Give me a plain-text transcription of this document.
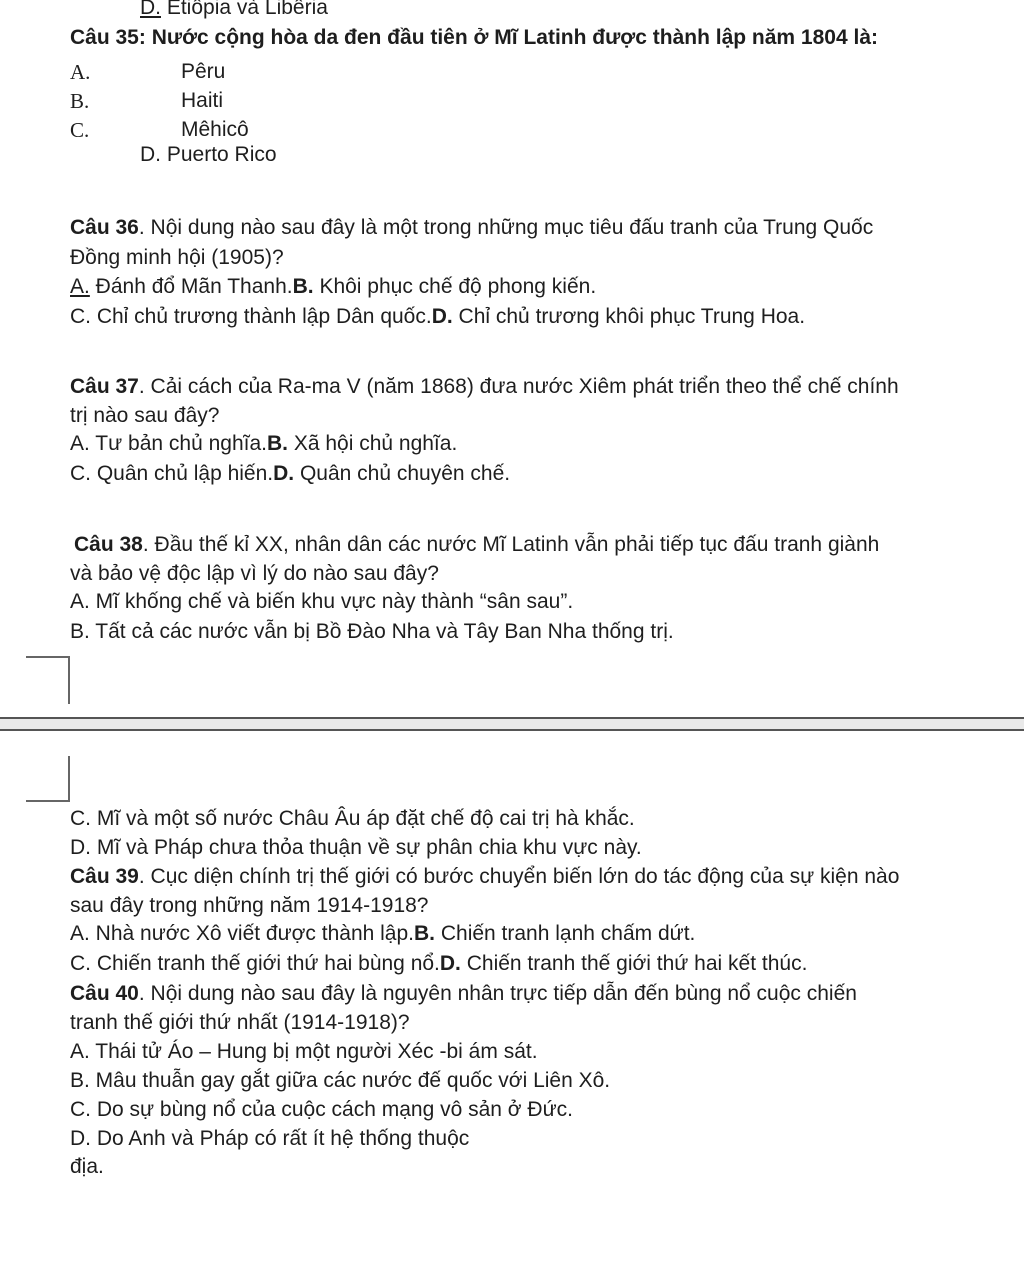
D. Etiôpia và Libêria
Câu 35: Nước cộng hòa da đen đầu tiên ở Mĩ Latinh được thành lập năm 1804 là:
A.	Pêru
B.	Haiti
C.	Mêhicô
D. Puerto Rico
Câu 36. Nội dung nào sau đây là một trong những mục tiêu đấu tranh của Trung Quốc
Đồng minh hội (1905)?
A. Đánh đổ Mãn Thanh.B. Khôi phục chế độ phong kiến.
C. Chỉ chủ trương thành lập Dân quốc.D. Chỉ chủ trương khôi phục Trung Hoa.
Câu 37. Cải cách của Ra-ma V (năm 1868) đưa nước Xiêm phát triển theo thể chế chính
trị nào sau đây?
A. Tư bản chủ nghĩa.B. Xã hội chủ nghĩa.
C. Quân chủ lập hiến.D. Quân chủ chuyên chế.
Câu 38. Đầu thế kỉ XX, nhân dân các nước Mĩ Latinh vẫn phải tiếp tục đấu tranh giành
và bảo vệ độc lập vì lý do nào sau đây?
A. Mĩ khống chế và biến khu vực này thành “sân sau”.
B. Tất cả các nước vẫn bị Bồ Đào Nha và Tây Ban Nha thống trị.
C. Mĩ và một số nước Châu Âu áp đặt chế độ cai trị hà khắc.
D. Mĩ và Pháp chưa thỏa thuận về sự phân chia khu vực này.
Câu 39. Cục diện chính trị thế giới có bước chuyển biến lớn do tác động của sự kiện nào
sau đây trong những năm 1914-1918?
A. Nhà nước Xô viết được thành lập.B. Chiến tranh lạnh chấm dứt.
C. Chiến tranh thế giới thứ hai bùng nổ.D. Chiến tranh thế giới thứ hai kết thúc.
Câu 40. Nội dung nào sau đây là nguyên nhân trực tiếp dẫn đến bùng nổ cuộc chiến
tranh thế giới thứ nhất (1914-1918)?
A. Thái tử Áo – Hung bị một người Xéc -bi ám sát.
B. Mâu thuẫn gay gắt giữa các nước đế quốc với Liên Xô.
C. Do sự bùng nổ của cuộc cách mạng vô sản ở Đức.
D. Do Anh và Pháp có rất ít hệ thống thuộc
địa.
